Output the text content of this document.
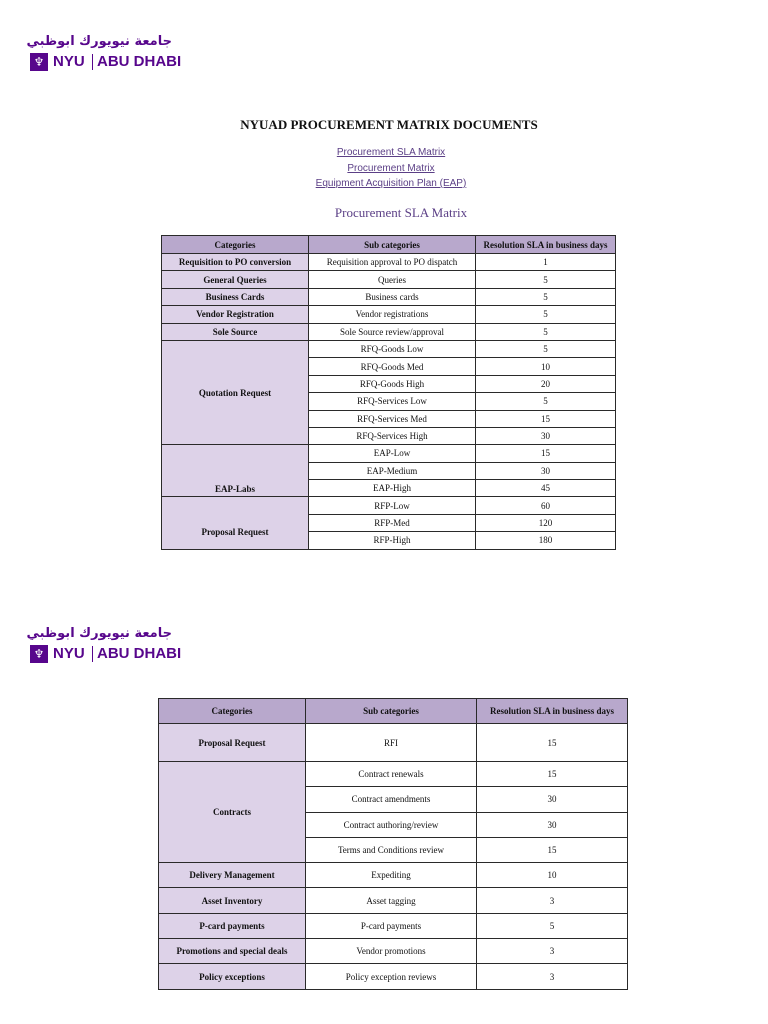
جامعة نيويورك ابوظبي
♆ NYU ABU DHABI
NYUAD PROCUREMENT MATRIX DOCUMENTS
Procurement SLA Matrix
Procurement Matrix
Equipment Acquisition Plan (EAP)
Procurement SLA Matrix
Categories	Sub categories	Resolution SLA in business days
Requisition to PO conversion	Requisition approval to PO dispatch	1
General Queries	Queries	5
Business Cards	Business cards	5
Vendor Registration	Vendor registrations	5
Sole Source	Sole Source review/approval	5
Quotation Request	RFQ-Goods Low	5
	RFQ-Goods Med	10
	RFQ-Goods High	20
	RFQ-Services Low	5
	RFQ-Services Med	15
	RFQ-Services High	30
EAP-Labs	EAP-Low	15
	EAP-Medium	30
	EAP-High	45
Proposal Request	RFP-Low	60
	RFP-Med	120
	RFP-High	180
جامعة نيويورك ابوظبي
♆ NYU ABU DHABI
Categories	Sub categories	Resolution SLA in business days
Proposal Request	RFI	15
Contracts	Contract renewals	15
	Contract amendments	30
	Contract authoring/review	30
	Terms and Conditions review	15
Delivery Management	Expediting	10
Asset Inventory	Asset tagging	3
P-card payments	P-card payments	5
Promotions and special deals	Vendor promotions	3
Policy exceptions	Policy exception reviews	3
